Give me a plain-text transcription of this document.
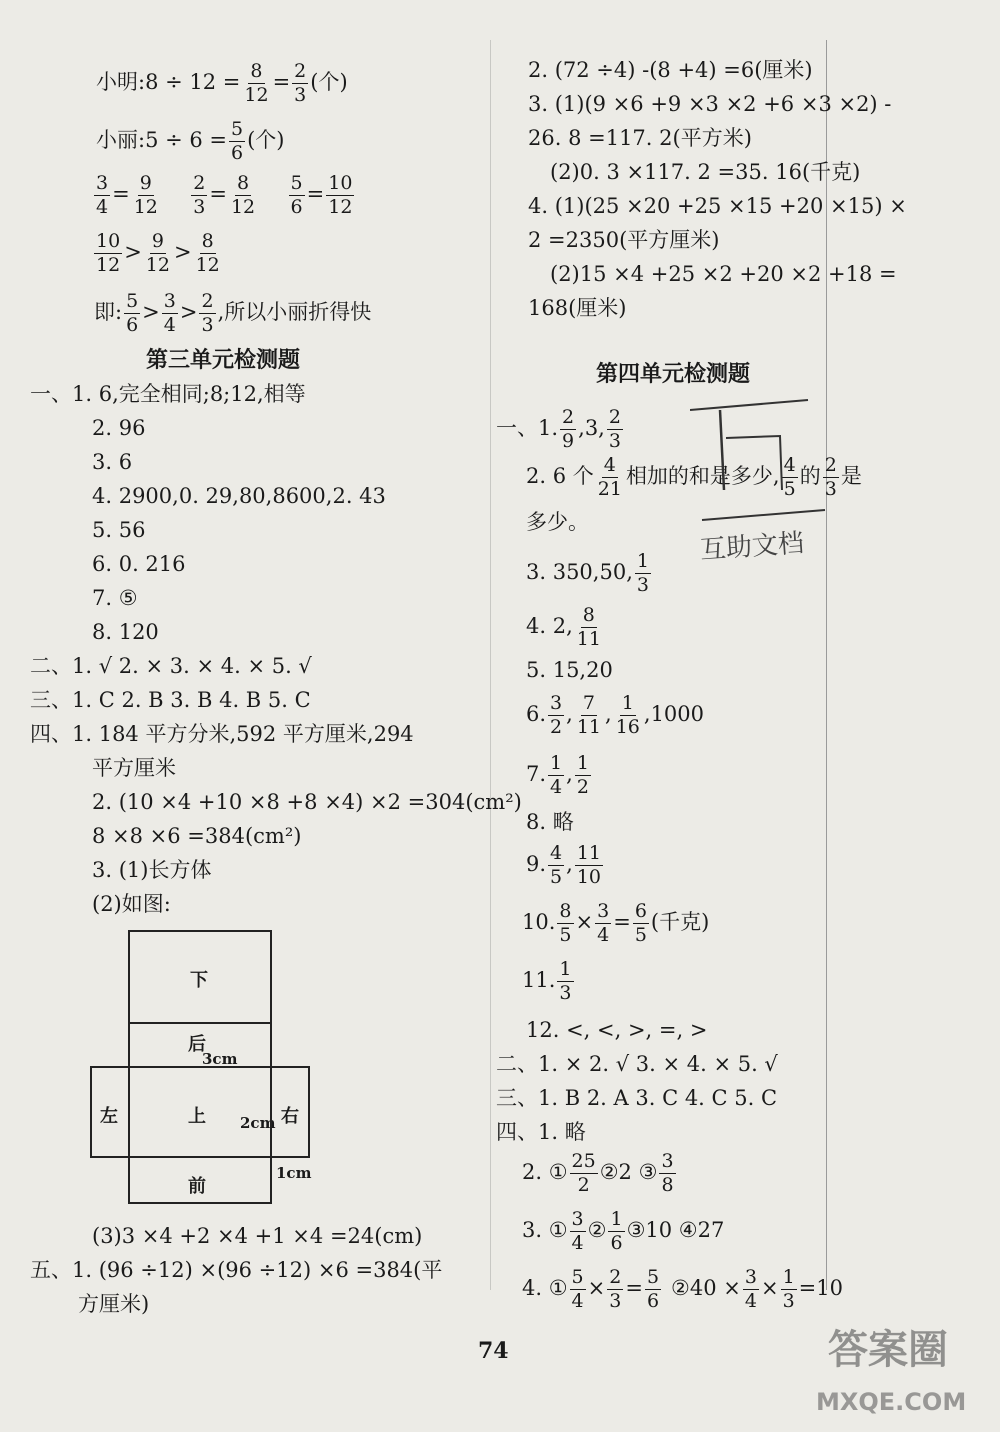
小明:8 ÷ $12 = \frac{8}{12} = \frac{2}{3}$ (个)
小丽:5 ÷ $6 = \frac{5}{6}$ (个)
$\frac{3}{4} = \frac{9}{12}$
$\frac{2}{3} = \frac{8}{12}$
$\frac{5}{6} = \frac{10}{12}$
$\frac{10}{12} > \frac{9}{12} > \frac{8}{12}$
即: $\frac{5}{6} > \frac{3}{4} > \frac{2}{3}$ ,所以小丽折得快
第三单元检测题
一、1. 6,完全相同;8;12,相等
2. 96
3. 6
4. 2900,0. 29,80,8600,2. 43
5. 56
6. 0. 216
7. ⑤
8. 120
二、1. √ 2. × 3. × 4. × 5. √
三、1. C 2. B 3. B 4. B 5. C
四、1. 184 平方分米,592 平方厘米,294
平方厘米
2. (10 ×4 +10 ×8 +8 ×4) ×2 =304(cm²)
8 ×8 ×6 =384(cm²)
3. (1)长方体
(2)如图:
下
后
3cm
左	上 2cm 右
前
1cm
(3)3 ×4 +2 ×4 +1 ×4 =24(cm)
五、1. (96 ÷12) ×(96 ÷12) ×6 =384(平
方厘米)
2. (72 ÷4) -(8 +4) =6(厘米)
3. (1)(9 ×6 +9 ×3 ×2 +6 ×3 ×2) -
26. 8 =117. 2(平方米)
(2)0. 3 ×117. 2 =35. 16(千克)
4. (1)(25 ×20 +25 ×15 +20 ×15) ×
2 =2350(平方厘米)
(2)15 ×4 +25 ×2 +20 ×2 +18 =
168(厘米)
第四单元检测题
一、1. $\frac{2}{9} ,3$, $\frac{2}{3}$
2. 6 个 $\frac{4}{21}$ 相加的和是多少, $\frac{4}{5}$ 的 $\frac{2}{3}$ 是
多少。
3. 350,50, $\frac{1}{3}$
4. 2, $\frac{8}{11}$
5. 15,20
6. $\frac{3}{2}$ , $\frac{7}{11}$ , $\frac{1}{16} ,1000$
7. $\frac{1}{4}$ , $\frac{1}{2}$
8. 略
9. $\frac{4}{5}$ , $\frac{11}{10}$
10. $\frac{8}{5} \times \frac{3}{4} = \frac{6}{5}$ (千克)
11. $\frac{1}{3}$
12. <, <, >, =, >
二、1. × 2. √ 3. × 4. × 5. √
三、1. B 2. A 3. C 4. C 5. C
四、1. 略
2. ① $\frac{25}{2}$ ②2 ③ $\frac{3}{8}$
3. ① $\frac{3}{4}$ ② $\frac{1}{6}$ ③10 ④27
4. ① $\frac{5}{4} \times \frac{2}{3} = \frac{5}{6}$ ②40 × $\frac{3}{4} \times \frac{1}{3} =10$
74
互助文档
答案圈
MXQE.COM
